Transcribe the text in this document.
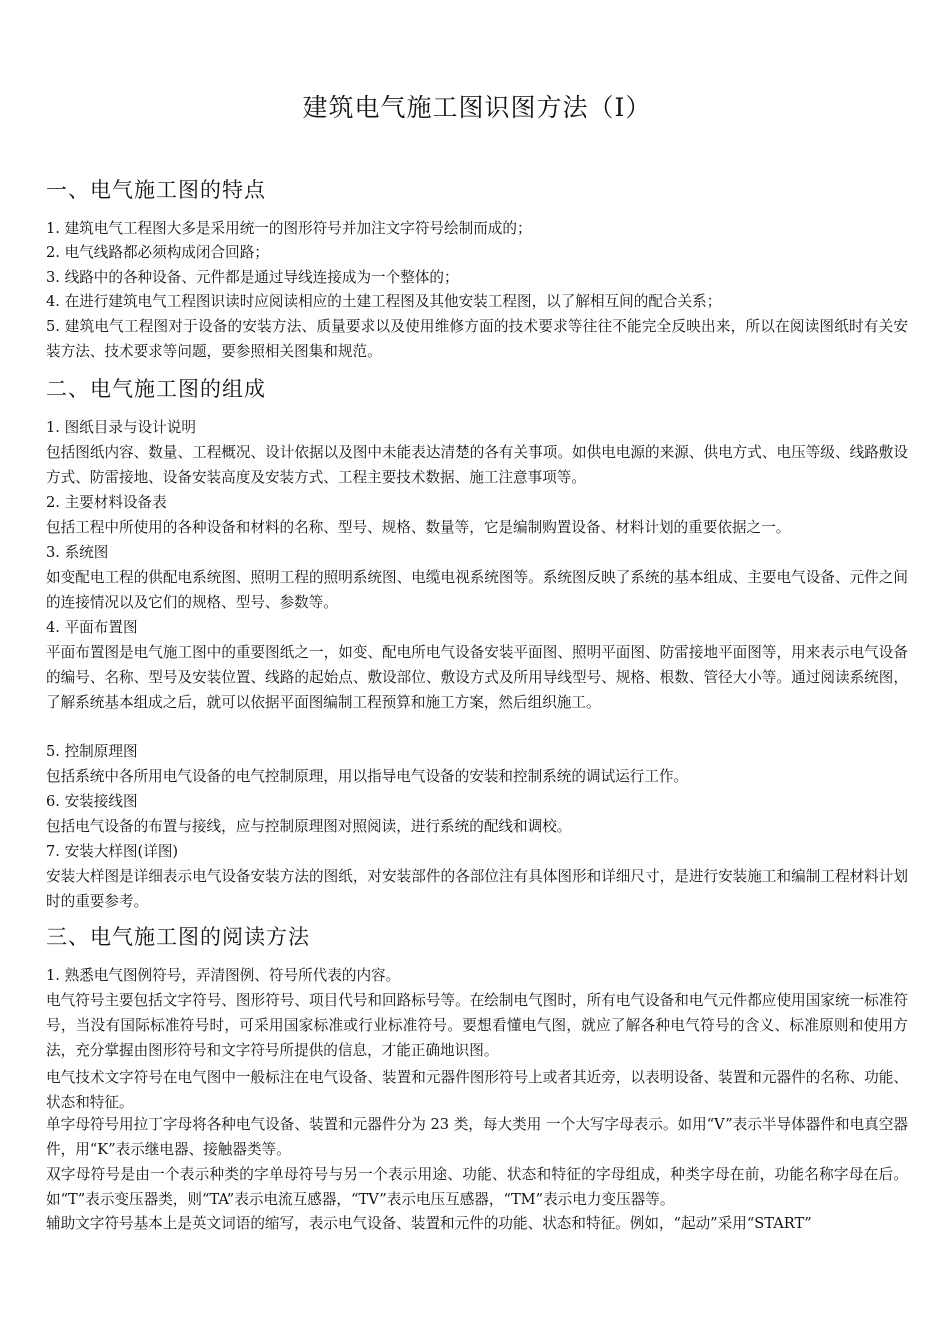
建筑电气施工图识图方法（I）
一、电气施工图的特点

1. 建筑电气工程图大多是采用统一的图形符号并加注文字符号绘制而成的；

2. 电气线路都必须构成闭合回路；

3. 线路中的各种设备、元件都是通过导线连接成为一个整体的；

4. 在进行建筑电气工程图识读时应阅读相应的土建工程图及其他安装工程图，以了解相互间的配合关系；

5. 建筑电气工程图对于设备的安装方法、质量要求以及使用维修方面的技术要求等往往不能完全反映出来，所以在阅读图纸时有关安装方法、技术要求等问题，要参照相关图集和规范。

二、电气施工图的组成

1. 图纸目录与设计说明

包括图纸内容、数量、工程概况、设计依据以及图中未能表达清楚的各有关事项。如供电电源的来源、供电方式、电压等级、线路敷设方式、防雷接地、设备安装高度及安装方式、工程主要技术数据、施工注意事项等。

2. 主要材料设备表

包括工程中所使用的各种设备和材料的名称、型号、规格、数量等，它是编制购置设备、材料计划的重要依据之一。

3. 系统图

如变配电工程的供配电系统图、照明工程的照明系统图、电缆电视系统图等。系统图反映了系统的基本组成、主要电气设备、元件之间的连接情况以及它们的规格、型号、参数等。

4. 平面布置图

平面布置图是电气施工图中的重要图纸之一，如变、配电所电气设备安装平面图、照明平面图、防雷接地平面图等，用来表示电气设备的编号、名称、型号及安装位置、线路的起始点、敷设部位、敷设方式及所用导线型号、规格、根数、管径大小等。通过阅读系统图，了解系统基本组成之后，就可以依据平面图编制工程预算和施工方案，然后组织施工。

5. 控制原理图

包括系统中各所用电气设备的电气控制原理，用以指导电气设备的安装和控制系统的调试运行工作。

6. 安装接线图

包括电气设备的布置与接线，应与控制原理图对照阅读，进行系统的配线和调校。

7. 安装大样图(详图)

安装大样图是详细表示电气设备安装方法的图纸，对安装部件的各部位注有具体图形和详细尺寸，是进行安装施工和编制工程材料计划时的重要参考。

三、电气施工图的阅读方法

1. 熟悉电气图例符号，弄清图例、符号所代表的内容。

电气符号主要包括文字符号、图形符号、项目代号和回路标号等。在绘制电气图时，所有电气设备和电气元件都应使用国家统一标准符号，当没有国际标准符号时，可采用国家标准或行业标准符号。要想看懂电气图，就应了解各种电气符号的含义、标准原则和使用方法，充分掌握由图形符号和文字符号所提供的信息，才能正确地识图。

电气技术文字符号在电气图中一般标注在电气设备、装置和元器件图形符号上或者其近旁，以表明设备、装置和元器件的名称、功能、状态和特征。

单字母符号用拉丁字母将各种电气设备、装置和元器件分为 23 类，每大类用 一个大写字母表示。如用“V”表示半导体器件和电真空器件，用“K”表示继电器、接触器类等。

双字母符号是由一个表示种类的字单母符号与另一个表示用途、功能、状态和特征的字母组成，种类字母在前，功能名称字母在后。如“T”表示变压器类，则“TA”表示电流互感器，“TV”表示电压互感器，“TM”表示电力变压器等。

辅助文字符号基本上是英文词语的缩写，表示电气设备、装置和元件的功能、状态和特征。例如，“起动”采用“START”
